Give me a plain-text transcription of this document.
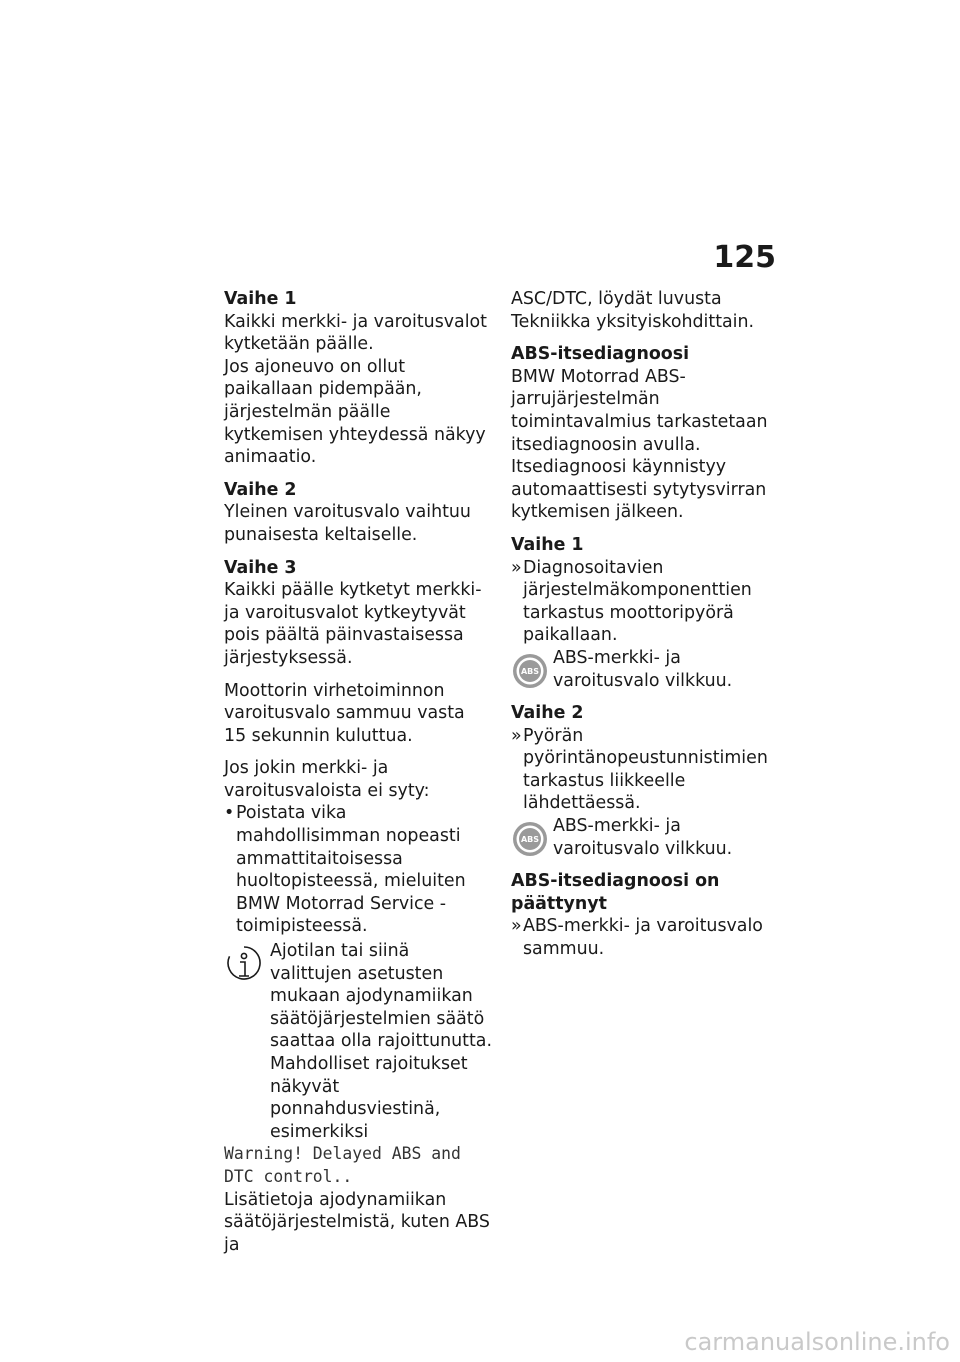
125
Vaihe 1
Kaikki merkki- ja varoitusvalot kytketään päälle.

Jos ajoneuvo on ollut paikallaan pidempään, järjestelmän päälle kytkemisen yhteydessä näkyy animaatio.

Vaihe 2

Yleinen varoitusvalo vaihtuu punaisesta keltaiselle.

Vaihe 3

Kaikki päälle kytketyt merkki- ja varoitusvalot kytkeytyvät pois päältä päinvastaisessa järjestyksessä.

Moottorin virhetoiminnon varoitusvalo sammuu vasta 15 sekunnin kuluttua.

Jos jokin merkki- ja varoitusvaloista ei syty:
• Poistata vika mahdollisimman nopeasti ammattitaitoisessa huoltopisteessä, mieluiten BMW Motorrad Service -toimipisteessä.
Ajotilan tai siinä valittujen asetusten mukaan ajodynamiikan säätöjärjestelmien säätö saattaa olla rajoittunutta. Mahdolliset rajoitukset näkyvät ponnahdusviestinä, esimerkiksi
Warning! Delayed ABS and
DTC control..
Lisätietoja ajodynamiikan säätöjärjestelmistä, kuten ABS ja

ASC/DTC, löydät luvusta Tekniikka yksityiskohdittain.

ABS-itsediagnoosi

BMW Motorrad ABS-jarrujärjestelmän toimintavalmius tarkastetaan itsediagnoosin avulla. Itsediagnoosi käynnistyy automaattisesti sytytysvirran kytkemisen jälkeen.

Vaihe 1
» Diagnosoitavien järjestelmäkomponenttien tarkastus moottoripyörä paikallaan.
ABS
ABS-merkki- ja varoitusvalo vilkkuu.
Vaihe 2
» Pyörän pyörintänopeustunnistimien tarkastus liikkeelle lähdettäessä.
ABS
ABS-merkki- ja varoitusvalo vilkkuu.
ABS-itsediagnoosi on päättynyt
» ABS-merkki- ja varoitusvalo sammuu.
carmanualsonline.info
